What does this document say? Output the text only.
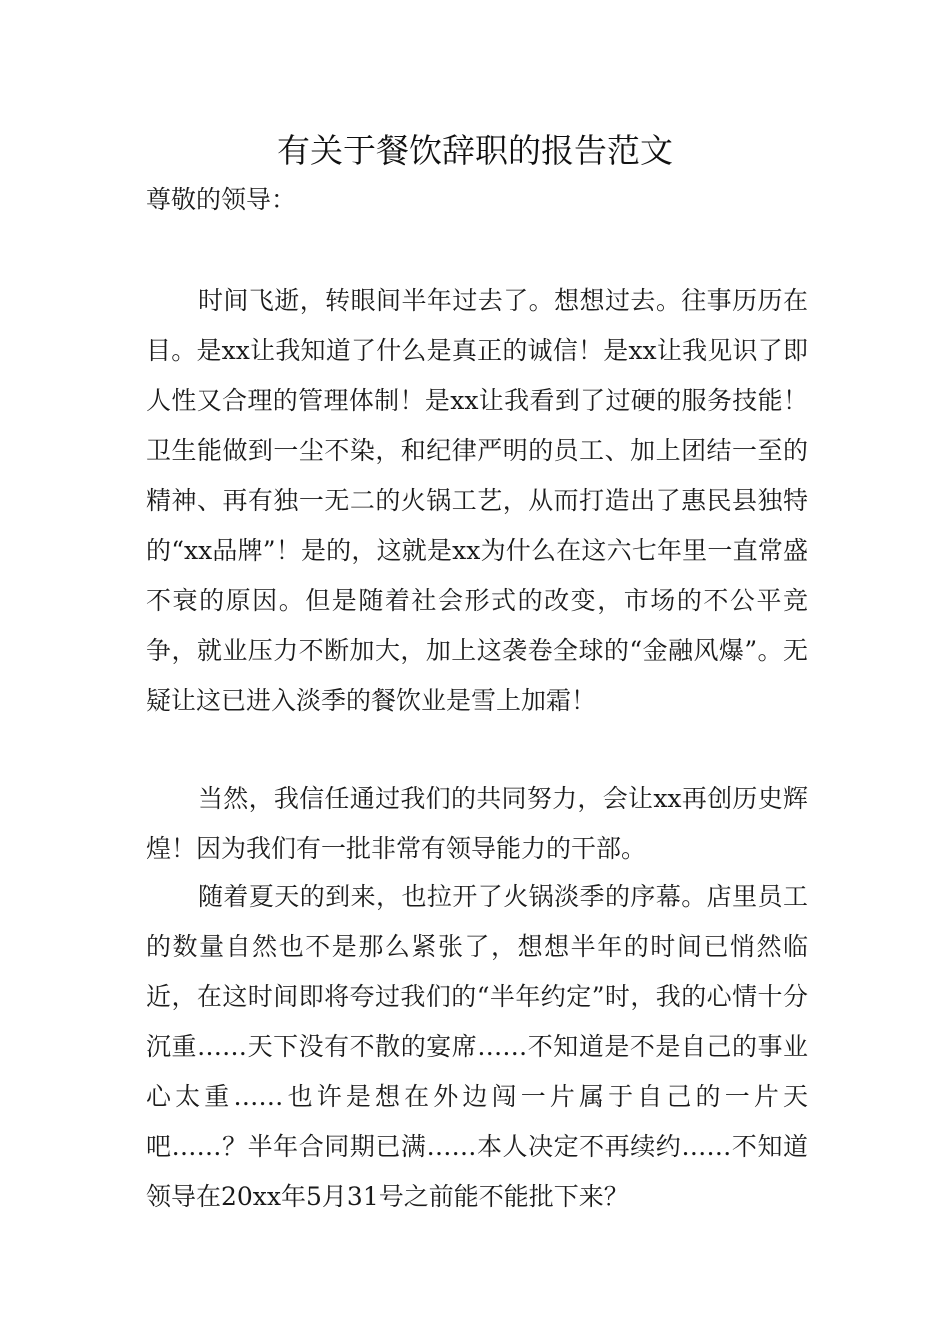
有关于餐饮辞职的报告范文

尊敬的领导：

时间飞逝，转眼间半年过去了。想想过去。往事历历在目。是xx让我知道了什么是真正的诚信！是xx让我见识了即人性又合理的管理体制！是xx让我看到了过硬的服务技能！卫生能做到一尘不染，和纪律严明的员工、加上团结一至的精神、再有独一无二的火锅工艺，从而打造出了惠民县独特的“xx品牌”！是的，这就是xx为什么在这六七年里一直常盛不衰的原因。但是随着社会形式的改变，市场的不公平竞争，就业压力不断加大，加上这袭卷全球的“金融风爆”。无疑让这已进入淡季的餐饮业是雪上加霜！

当然，我信任通过我们的共同努力，会让xx再创历史辉煌！因为我们有一批非常有领导能力的干部。

随着夏天的到来，也拉开了火锅淡季的序幕。店里员工的数量自然也不是那么紧张了，想想半年的时间已悄然临近，在这时间即将夸过我们的“半年约定”时，我的心情十分沉重……天下没有不散的宴席……不知道是不是自己的事业心太重……也许是想在外边闯一片属于自己的一片天吧……？半年合同期已满……本人决定不再续约……不知道领导在20xx年5月31号之前能不能批下来？
